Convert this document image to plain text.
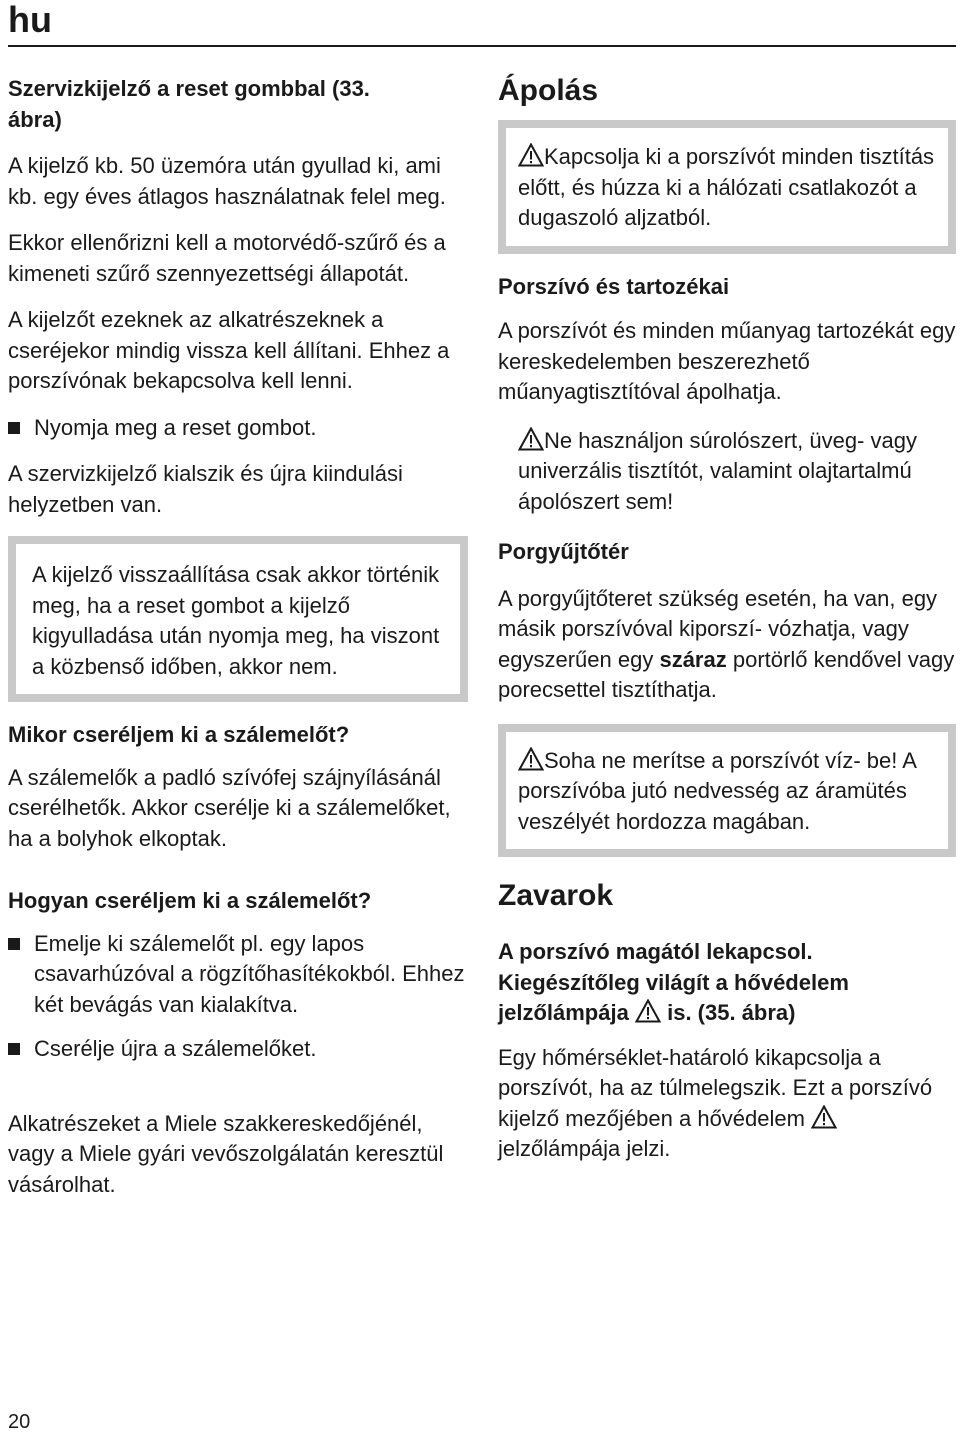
hu
Szervizkijelző a reset gombbal (33. ábra)

A kijelző kb. 50 üzemóra után gyullad ki, ami kb. egy éves átlagos használatnak felel meg.

Ekkor ellenőrizni kell a motorvédő-szűrő és a kimeneti szűrő szennyezettségi állapotát.

A kijelzőt ezeknek az alkatrészeknek a cseréjekor mindig vissza kell állítani. Ehhez a porszívónak bekapcsolva kell lenni.

Nyomja meg a reset gombot.

A szervizkijelző kialszik és újra kiindulási helyzetben van.

A kijelző visszaállítása csak akkor történik meg, ha a reset gombot a kijelző kigyulladása után nyomja meg, ha viszont a közbenső időben, akkor nem.

Mikor cseréljem ki a szálemelőt?

A szálemelők a padló szívófej szájnyílásánál cserélhetők. Akkor cserélje ki a szálemelőket, ha a bolyhok elkoptak.

Hogyan cseréljem ki a szálemelőt?

Emelje ki szálemelőt pl. egy lapos csavarhúzóval a rögzítőhasítékokból. Ehhez két bevágás van kialakítva.

Cserélje újra a szálemelőket.

Alkatrészeket a Miele szakkereskedőjénél, vagy a Miele gyári vevőszolgálatán keresztül vásárolhat.

Ápolás

Kapcsolja ki a porszívót minden tisztítás előtt, és húzza ki a hálózati csatlakozót a dugaszoló aljzatból.

Porszívó és tartozékai

A porszívót és minden műanyag tartozékát egy kereskedelemben beszerezhető műanyagtisztítóval ápolhatja.

Ne használjon súrolószert, üveg- vagy univerzális tisztítót, valamint olajtartalmú ápolószert sem!

Porgyűjtőtér

A porgyűjtőteret szükség esetén, ha van, egy másik porszívóval kiporszí- vózhatja, vagy egyszerűen egy száraz portörlő kendővel vagy porecsettel tisztíthatja.

Soha ne merítse a porszívót víz- be! A porszívóba jutó nedvesség az áramütés veszélyét hordozza magában.

Zavarok
A porszívó magától lekapcsol. Kiegészítőleg világít a hővédelem jelzőlámpája is. (35. ábra)

Egy hőmérséklet-határoló kikapcsolja a porszívót, ha az túlmelegszik. Ezt a porszívó kijelző mezőjében a hővédelem
jelzőlámpája jelzi.

20
